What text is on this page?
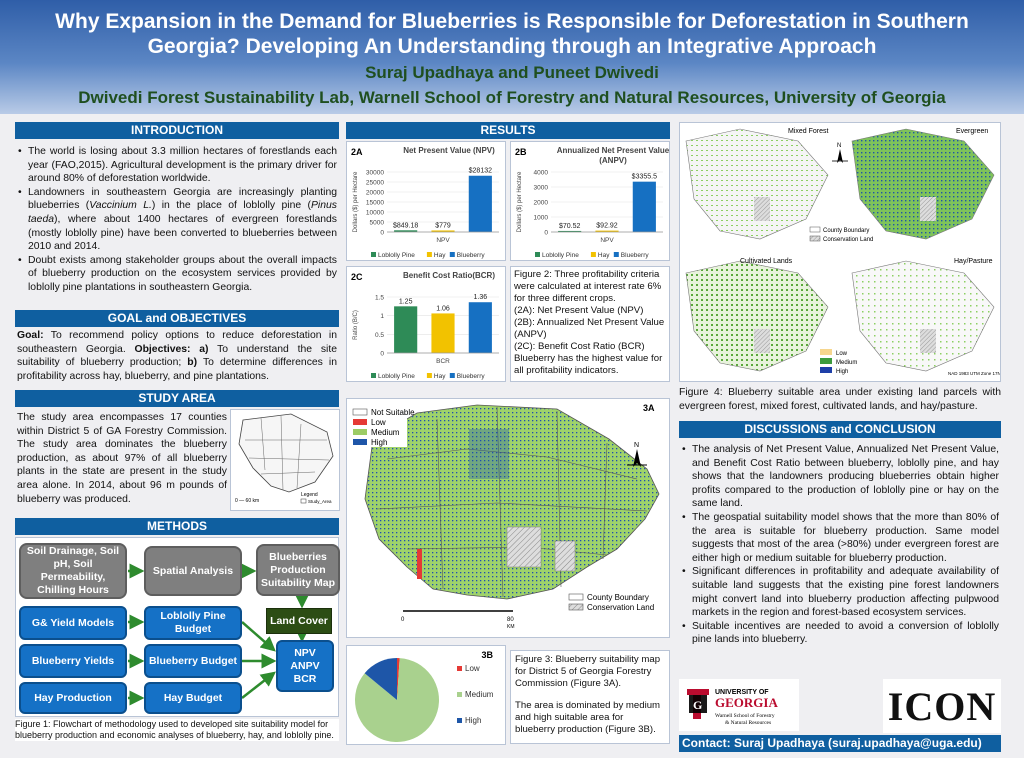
Why Expansion in the Demand for Blueberries is Responsible for Deforestation in Southern Georgia? Developing An Understanding through an Integrative Approach
Suraj Upadhaya and Puneet Dwivedi
Dwivedi Forest Sustainability Lab, Warnell School of Forestry and Natural Resources, University of Georgia
INTRODUCTION
• The world is losing about 3.3 million hectares of forestlands each year (FAO,2015). Agricultural development is the primary driver for around 80% of deforestation worldwide.
• Landowners in southeastern Georgia are increasingly planting blueberries (Vaccinium L.) in the place of loblolly pine (Pinus taeda), where about 1400 hectares of evergreen forestlands (mostly loblolly pine) have been converted to blueberries between 2010 and 2014.
• Doubt exists among stakeholder groups about the overall impacts of blueberry production on the ecosystem services provided by loblolly pine plantations in southeastern Georgia.
GOAL and OBJECTIVES
Goal: To recommend policy options to reduce deforestation in southeastern Georgia. Objectives: a) To understand the site suitability of blueberry production; b) To determine differences in profitability across hay, blueberry, and pine plantations.
STUDY AREA
The study area encompasses 17 counties within District 5 of GA Forestry Commission. The study area dominates the blueberry production, as about 97% of all blueberry plants in the state are present in the study area alone. In 2014, about 96 m pounds of blueberry was produced.	0 — 60 km
Legend
Study_Area
METHODS
Soil Drainage, Soil pH, Soil Permeability, Chilling Hours
Spatial Analysis
Blueberries Production Suitability Map
G& Yield Models
Loblolly Pine Budget
Land Cover
Blueberry Yields	Blueberry Budget
NPV ANPV BCR
Hay Production	Hay Budget
Figure 1: Flowchart of methodology used to developed site suitability model for blueberry production and economic analyses of blueberry, hay, and loblolly pine.
RESULTS
2A	Net Present Value (NPV)
0
5000
10000
15000
20000
25000
30000
Dollars ($) per Hectare	$849.18 $779
$28132
NPV
Loblolly Pine	Hay Blueberry
2B	Annualized Net Present Value
(ANPV)
0
1000
2000
3000
4000
Dollars ($) per Hectare	$70.52 $92.92
$3355.5
NPV
Loblolly Pine	Hay Blueberry
2C	Benefit Cost Ratio(BCR)
0
0.5
1
1.5
Ratio (B/C)
1.25
1.06
1.36
BCR
Loblolly Pine	Hay Blueberry
Figure 2: Three profitability criteria were calculated at interest rate 6% for three different crops.
(2A): Net Present Value (NPV)
(2B): Annualized Net Present Value (ANPV)
(2C): Benefit Cost Ratio (BCR)
Blueberry has the highest value for all profitability indicators.
Not Suitable
Low
Medium
High
3A
N
0	80
KM
County Boundary
Conservation Land
3B
Low
Medium
High
Figure 3: Blueberry suitability map for District 5 of Georgia Forestry Commission (Figure 3A).
The area is dominated by medium and high suitable area for blueberry production (Figure 3B).
Mixed Forest	Evergreen
Cultivated Lands	Hay/Pasture
N
County Boundary
Conservation Land
Low
Medium
High	NAD 1983 UTM Zone 17N
Figure 4: Blueberry suitable area under existing land parcels with evergreen forest, mixed forest, cultivated lands, and hay/pasture.
DISCUSSIONS and CONCLUSION
• The analysis of Net Present Value, Annualized Net Present Value, and Benefit Cost Ratio between blueberry, loblolly pine, and hay shows that the landowners producing blueberries obtain higher profits compared to the production of loblolly pine or hay on the same land.
• The geospatial suitability model shows that the more than 80% of the area is suitable for blueberry production. Same model suggests that most of the area (>80%) under evergreen forest are either high or medium suitable for blueberry production.
• Significant differences in profitability and adequate availability of suitable land suggests that the existing pine forest landowners might convert land into blueberry production affecting pulpwood markets in the region and forest-based ecosystem services.
• Suitable incentives are needed to avoid a conversion of loblolly pine lands into blueberry.
G
UNIVERSITY OF
GEORGIA
Warnell School of Forestry
& Natural Resources	ICON
Contact: Suraj Upadhaya (suraj.upadhaya@uga.edu)
